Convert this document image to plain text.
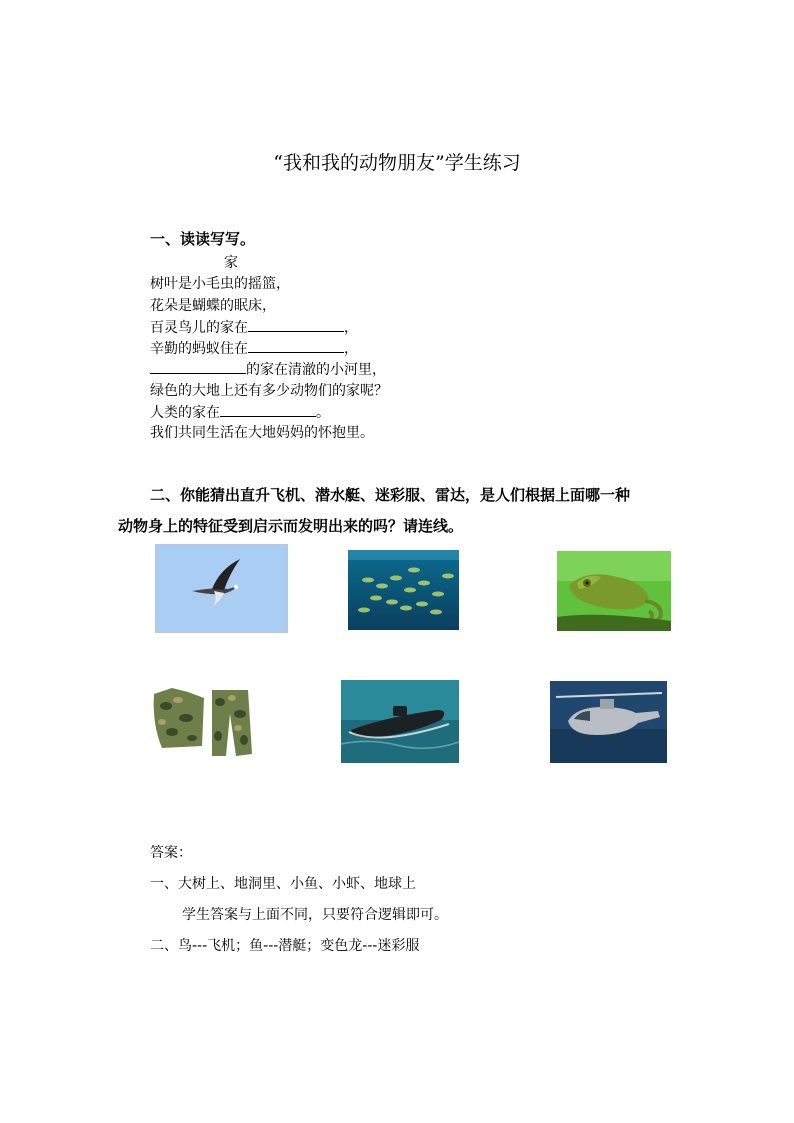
“我和我的动物朋友”学生练习
一、读读写写。
家
树叶是小毛虫的摇篮，
花朵是蝴蝶的眠床，
百灵鸟儿的家在	，
辛勤的蚂蚁住在	，
的家在清澈的小河里，
绿色的大地上还有多少动物们的家呢？
人类的家在	。
我们共同生活在大地妈妈的怀抱里。
二、你能猜出直升飞机、潜水艇、迷彩服、雷达，是人们根据上面哪一种
动物身上的特征受到启示而发明出来的吗？请连线。
答案：
一、大树上、地洞里、小鱼、小虾、地球上
学生答案与上面不同，只要符合逻辑即可。
二、鸟---飞机；鱼---潜艇；变色龙---迷彩服
